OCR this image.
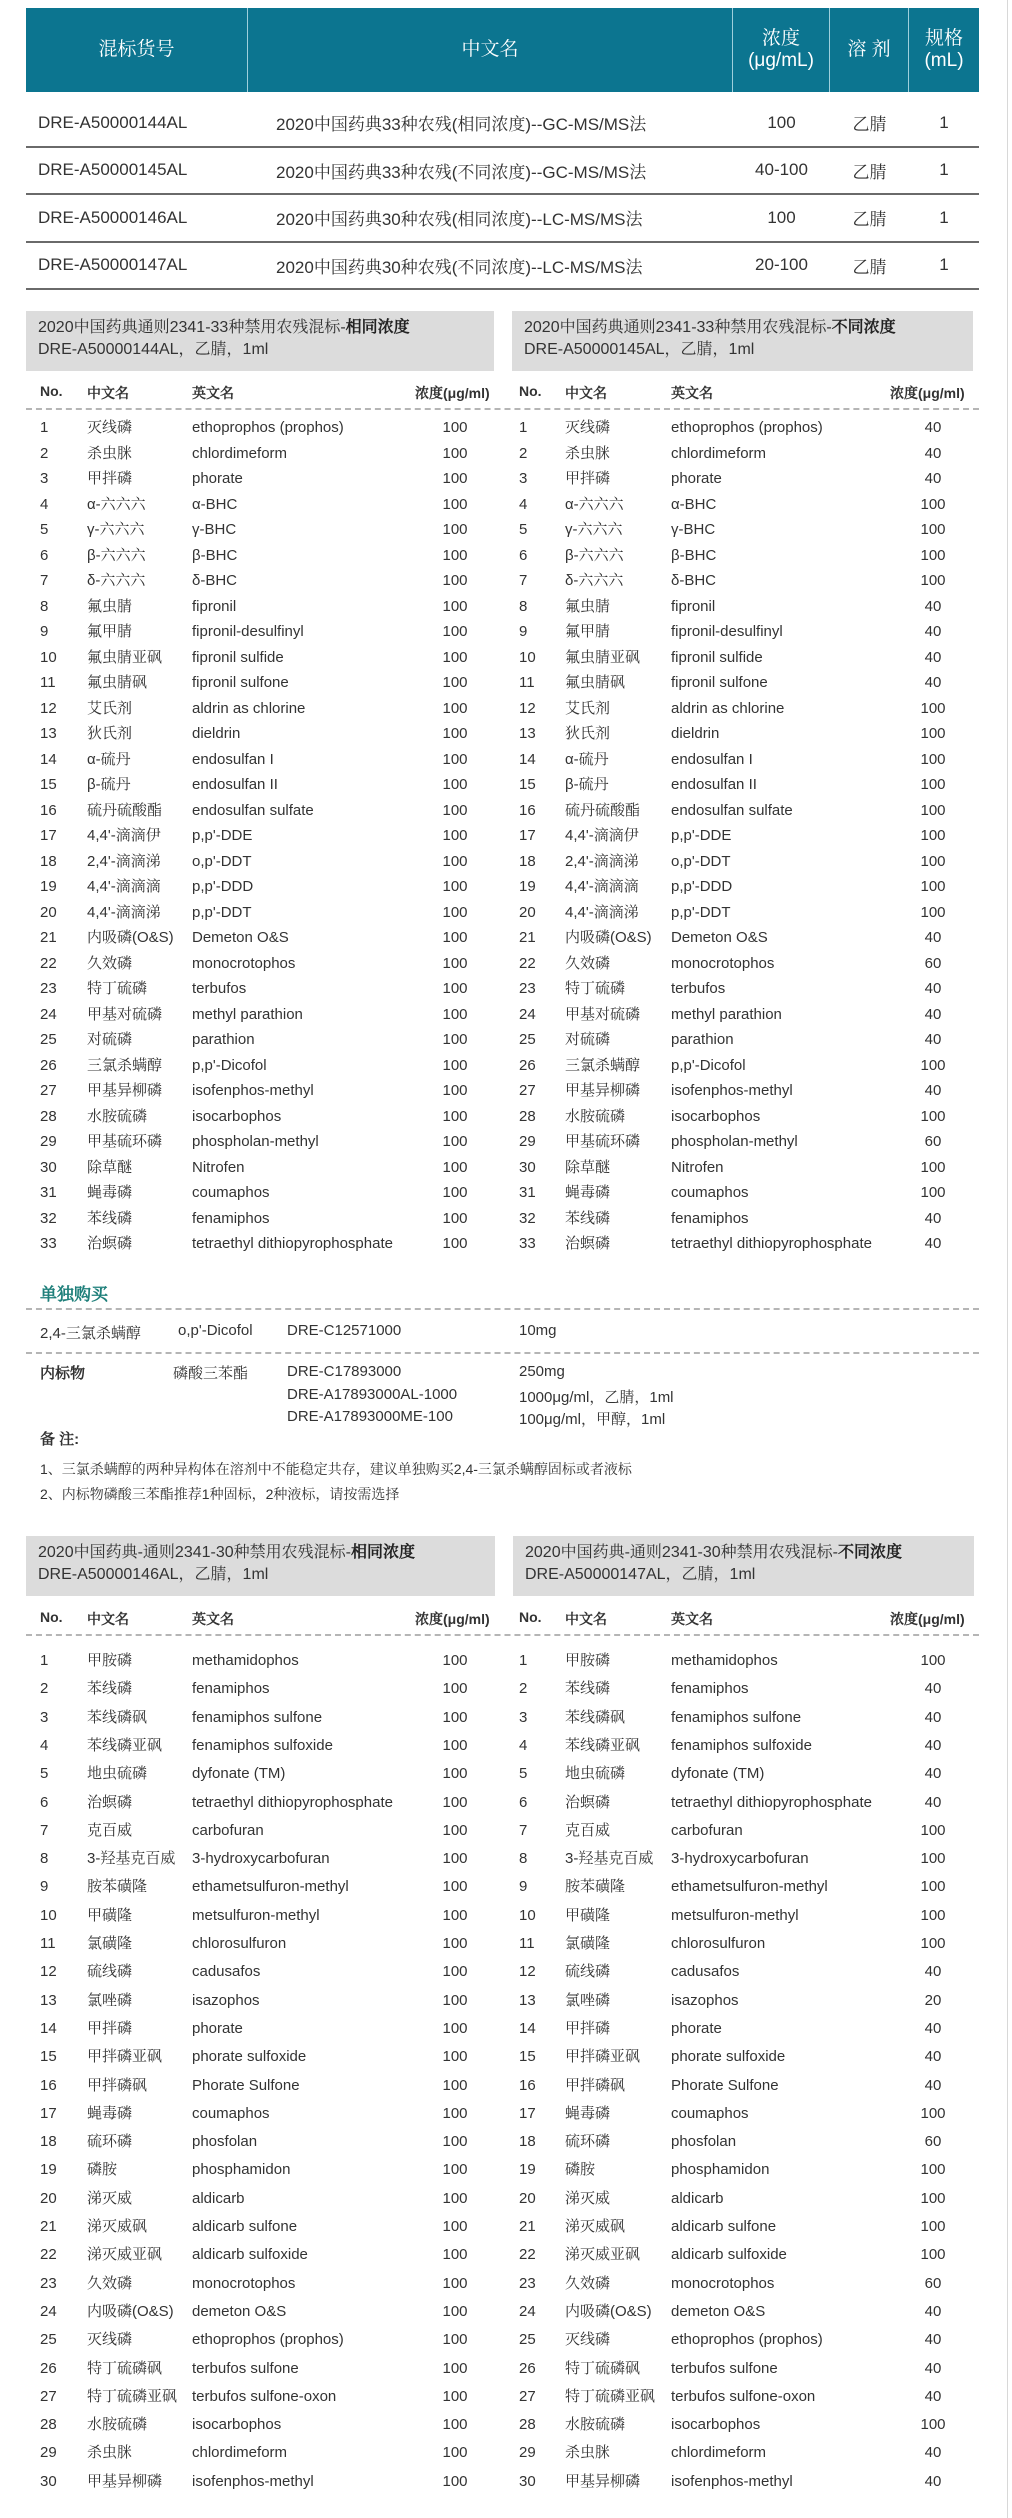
混标货号	中文名
浓度
(μg/mL)
溶 剂
规格
(mL)
DRE-A50000144AL	2020中国药典33种农残(相同浓度)--GC-MS/MS法	100	乙腈	1
DRE-A50000145AL	2020中国药典33种农残(不同浓度)--GC-MS/MS法	40-100	乙腈	1
DRE-A50000146AL	2020中国药典30种农残(相同浓度)--LC-MS/MS法	100	乙腈	1
DRE-A50000147AL	2020中国药典30种农残(不同浓度)--LC-MS/MS法	20-100	乙腈	1
2020中国药典通则2341-33种禁用农残混标-相同浓度
DRE-A50000144AL，乙腈，1ml
2020中国药典通则2341-33种禁用农残混标-不同浓度
DRE-A50000145AL，乙腈，1ml
No. 中文名	英文名	浓度(μg/ml) No. 中文名	英文名	浓度(μg/ml)
1	灭线磷	ethoprophos (prophos)	100	1	灭线磷	ethoprophos (prophos)	40
2	杀虫脒	chlordimeform	100	2	杀虫脒	chlordimeform	40
3	甲拌磷	phorate	100	3	甲拌磷	phorate	40
4	α-六六六	α-BHC	100	4	α-六六六	α-BHC	100
5	γ-六六六	γ-BHC	100	5	γ-六六六	γ-BHC	100
6	β-六六六	β-BHC	100	6	β-六六六	β-BHC	100
7	δ-六六六	δ-BHC	100	7	δ-六六六	δ-BHC	100
8	氟虫腈	fipronil	100	8	氟虫腈	fipronil	40
9	氟甲腈	fipronil-desulfinyl	100	9	氟甲腈	fipronil-desulfinyl	40
10 氟虫腈亚砜 fipronil sulfide	100	10 氟虫腈亚砜 fipronil sulfide	40
11 氟虫腈砜	fipronil sulfone	100	11 氟虫腈砜	fipronil sulfone	40
12 艾氏剂	aldrin as chlorine	100	12 艾氏剂	aldrin as chlorine	100
13 狄氏剂	dieldrin	100	13 狄氏剂	dieldrin	100
14 α-硫丹	endosulfan I	100	14 α-硫丹	endosulfan I	100
15 β-硫丹	endosulfan II	100	15 β-硫丹	endosulfan II	100
16 硫丹硫酸酯 endosulfan sulfate	100	16 硫丹硫酸酯 endosulfan sulfate	100
17 4,4'-滴滴伊 p,p'-DDE	100	17 4,4'-滴滴伊 p,p'-DDE	100
18 2,4'-滴滴涕 o,p'-DDT	100	18 2,4'-滴滴涕 o,p'-DDT	100
19 4,4'-滴滴滴 p,p'-DDD	100	19 4,4'-滴滴滴 p,p'-DDD	100
20 4,4'-滴滴涕 p,p'-DDT	100	20 4,4'-滴滴涕 p,p'-DDT	100
21 内吸磷(O&S) Demeton O&S	100	21 内吸磷(O&S) Demeton O&S	40
22 久效磷	monocrotophos	100	22 久效磷	monocrotophos	60
23 特丁硫磷	terbufos	100	23 特丁硫磷	terbufos	40
24 甲基对硫磷 methyl parathion	100	24 甲基对硫磷 methyl parathion	40
25 对硫磷	parathion	100	25 对硫磷	parathion	40
26 三氯杀螨醇 p,p'-Dicofol	100	26 三氯杀螨醇 p,p'-Dicofol	100
27 甲基异柳磷 isofenphos-methyl	100	27 甲基异柳磷 isofenphos-methyl	40
28 水胺硫磷	isocarbophos	100	28 水胺硫磷	isocarbophos	100
29 甲基硫环磷 phospholan-methyl	100	29 甲基硫环磷 phospholan-methyl	60
30 除草醚	Nitrofen	100	30 除草醚	Nitrofen	100
31 蝇毒磷	coumaphos	100	31 蝇毒磷	coumaphos	100
32 苯线磷	fenamiphos	100	32 苯线磷	fenamiphos	40
33 治螟磷	tetraethyl dithiopyrophosphate	100	33 治螟磷	tetraethyl dithiopyrophosphate	40
单独购买
2,4-三氯杀螨醇 o,p'-Dicofol DRE-C12571000	10mg
内标物	磷酸三苯酯	DRE-C17893000	250mg
DRE-A17893000AL-1000	1000μg/ml，乙腈，1ml
DRE-A17893000ME-100	100μg/ml，甲醇，1ml
备 注:
1、三氯杀螨醇的两种异构体在溶剂中不能稳定共存，建议单独购买2,4-三氯杀螨醇固标或者液标
2、内标物磷酸三苯酯推荐1种固标，2种液标，请按需选择
2020中国药典-通则2341-30种禁用农残混标-相同浓度
DRE-A50000146AL，乙腈，1ml
2020中国药典-通则2341-30种禁用农残混标-不同浓度
DRE-A50000147AL，乙腈，1ml
No. 中文名	英文名	浓度(μg/ml) No. 中文名	英文名	浓度(μg/ml)
1	甲胺磷	methamidophos	100	1	甲胺磷	methamidophos	100
2	苯线磷	fenamiphos	100	2	苯线磷	fenamiphos	40
3	苯线磷砜	fenamiphos sulfone	100	3	苯线磷砜	fenamiphos sulfone	40
4	苯线磷亚砜 fenamiphos sulfoxide	100	4	苯线磷亚砜 fenamiphos sulfoxide	40
5	地虫硫磷	dyfonate (TM)	100	5	地虫硫磷	dyfonate (TM)	40
6	治螟磷	tetraethyl dithiopyrophosphate	100	6	治螟磷	tetraethyl dithiopyrophosphate	40
7	克百威	carbofuran	100	7	克百威	carbofuran	100
8	3-羟基克百威 3-hydroxycarbofuran	100	8	3-羟基克百威 3-hydroxycarbofuran	100
9	胺苯磺隆	ethametsulfuron-methyl	100	9	胺苯磺隆	ethametsulfuron-methyl	100
10 甲磺隆	metsulfuron-methyl	100	10 甲磺隆	metsulfuron-methyl	100
11 氯磺隆	chlorosulfuron	100	11 氯磺隆	chlorosulfuron	100
12 硫线磷	cadusafos	100	12 硫线磷	cadusafos	40
13 氯唑磷	isazophos	100	13 氯唑磷	isazophos	20
14 甲拌磷	phorate	100	14 甲拌磷	phorate	40
15 甲拌磷亚砜 phorate sulfoxide	100	15 甲拌磷亚砜 phorate sulfoxide	40
16 甲拌磷砜	Phorate Sulfone	100	16 甲拌磷砜	Phorate Sulfone	40
17 蝇毒磷	coumaphos	100	17 蝇毒磷	coumaphos	100
18 硫环磷	phosfolan	100	18 硫环磷	phosfolan	60
19 磷胺	phosphamidon	100	19 磷胺	phosphamidon	100
20 涕灭威	aldicarb	100	20 涕灭威	aldicarb	100
21 涕灭威砜	aldicarb sulfone	100	21 涕灭威砜	aldicarb sulfone	100
22 涕灭威亚砜 aldicarb sulfoxide	100	22 涕灭威亚砜 aldicarb sulfoxide	100
23 久效磷	monocrotophos	100	23 久效磷	monocrotophos	60
24 内吸磷(O&S) demeton O&S	100	24 内吸磷(O&S) demeton O&S	40
25 灭线磷	ethoprophos (prophos)	100	25 灭线磷	ethoprophos (prophos)	40
26 特丁硫磷砜 terbufos sulfone	100	26 特丁硫磷砜 terbufos sulfone	40
27 特丁硫磷亚砜 terbufos sulfone-oxon	100	27 特丁硫磷亚砜 terbufos sulfone-oxon	40
28 水胺硫磷	isocarbophos	100	28 水胺硫磷	isocarbophos	100
29 杀虫脒	chlordimeform	100	29 杀虫脒	chlordimeform	40
30 甲基异柳磷 isofenphos-methyl	100	30 甲基异柳磷 isofenphos-methyl	40
